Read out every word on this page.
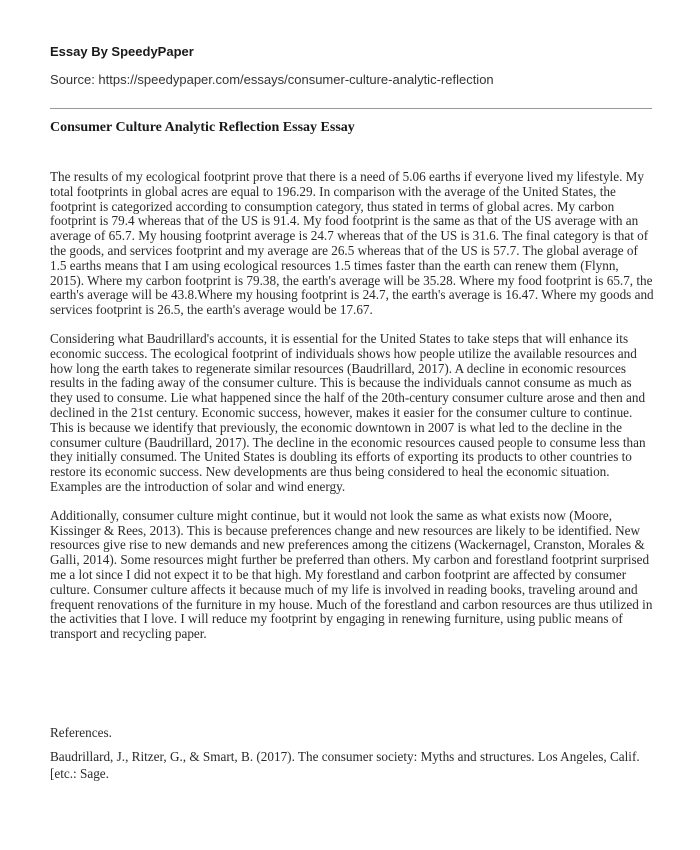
Essay By SpeedyPaper

Source: https://speedypaper.com/essays/consumer-culture-analytic-reflection

Consumer Culture Analytic Reflection Essay Essay

The results of my ecological footprint prove that there is a need of 5.06 earths if everyone lived my lifestyle. My total footprints in global acres are equal to 196.29. In comparison with the average of the United States, the footprint is categorized according to consumption category, thus stated in terms of global acres. My carbon footprint is 79.4 whereas that of the US is 91.4. My food footprint is the same as that of the US average with an average of 65.7. My housing footprint average is 24.7 whereas that of the US is 31.6. The final category is that of the goods, and services footprint and my average are 26.5 whereas that of the US is 57.7. The global average of 1.5 earths means that I am using ecological resources 1.5 times faster than the earth can renew them (Flynn, 2015). Where my carbon footprint is 79.38, the earth's average will be 35.28. Where my food footprint is 65.7, the earth's average will be 43.8.Where my housing footprint is 24.7, the earth's average is 16.47. Where my goods and services footprint is 26.5, the earth's average would be 17.67.

Considering what Baudrillard's accounts, it is essential for the United States to take steps that will enhance its economic success. The ecological footprint of individuals shows how people utilize the available resources and how long the earth takes to regenerate similar resources (Baudrillard, 2017). A decline in economic resources results in the fading away of the consumer culture. This is because the individuals cannot consume as much as they used to consume. Lie what happened since the half of the 20th-century consumer culture arose and then and declined in the 21st century. Economic success, however, makes it easier for the consumer culture to continue. This is because we identify that previously, the economic downtown in 2007 is what led to the decline in the consumer culture (Baudrillard, 2017). The decline in the economic resources caused people to consume less than they initially consumed. The United States is doubling its efforts of exporting its products to other countries to restore its economic success. New developments are thus being considered to heal the economic situation. Examples are the introduction of solar and wind energy.

Additionally, consumer culture might continue, but it would not look the same as what exists now (Moore, Kissinger & Rees, 2013). This is because preferences change and new resources are likely to be identified. New resources give rise to new demands and new preferences among the citizens (Wackernagel, Cranston, Morales & Galli, 2014). Some resources might further be preferred than others. My carbon and forestland footprint surprised me a lot since I did not expect it to be that high. My forestland and carbon footprint are affected by consumer culture. Consumer culture affects it because much of my life is involved in reading books, traveling around and frequent renovations of the furniture in my house. Much of the forestland and carbon resources are thus utilized in the activities that I love. I will reduce my footprint by engaging in renewing furniture, using public means of transport and recycling paper.

References.

Baudrillard, J., Ritzer, G., & Smart, B. (2017). The consumer society: Myths and structures. Los Angeles, Calif. [etc.: Sage.
